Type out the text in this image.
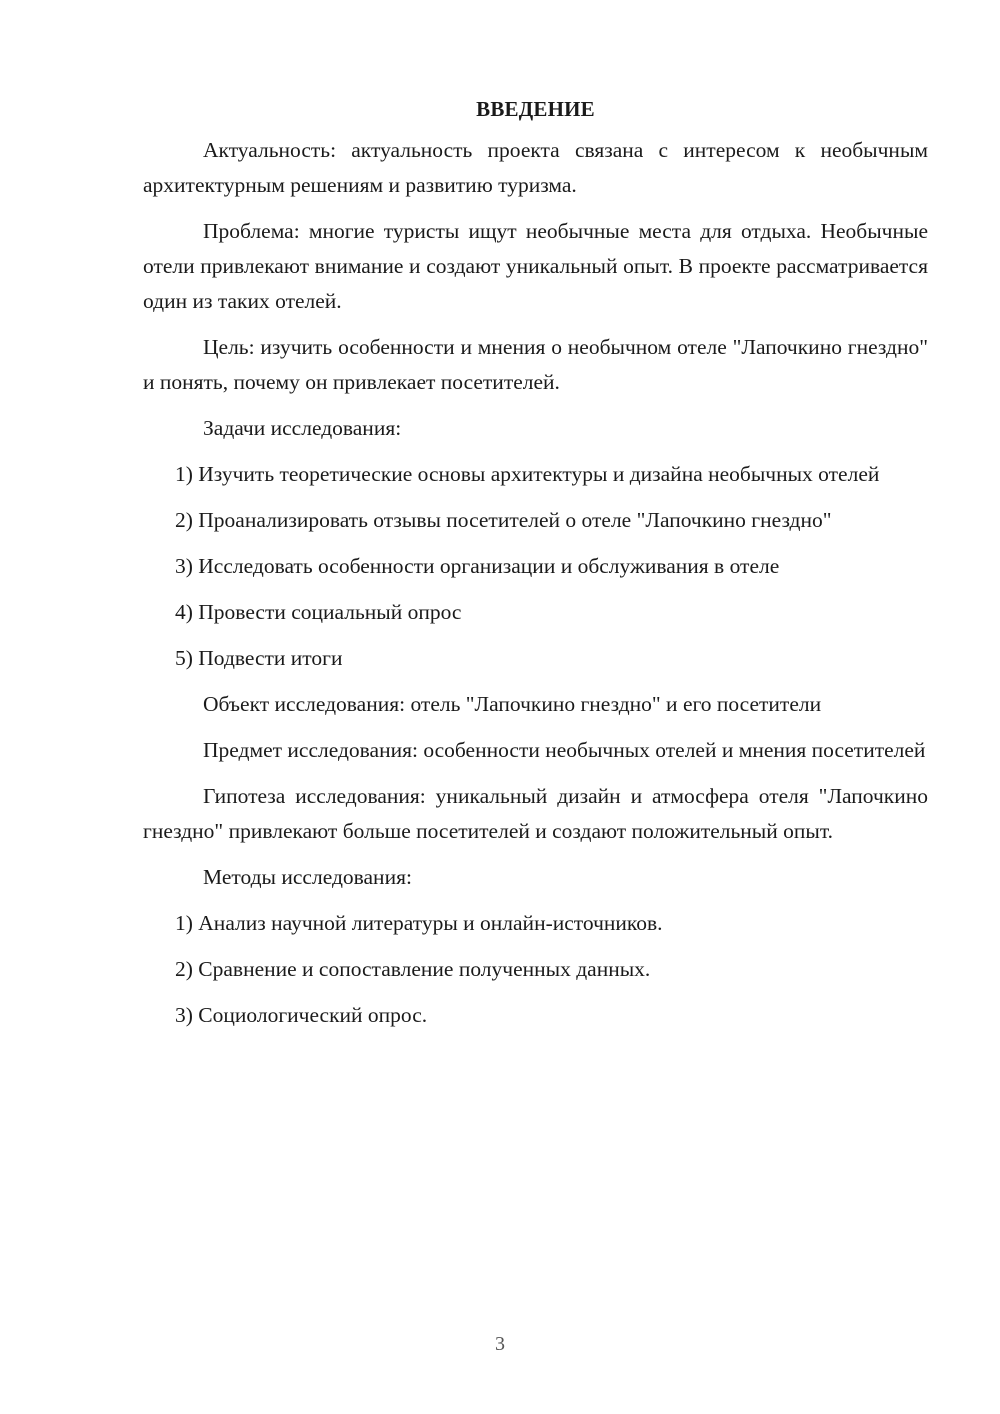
ВВЕДЕНИЕ

Актуальность: актуальность проекта связана с интересом к необычным архитектурным решениям и развитию туризма.

Проблема: многие туристы ищут необычные места для отдыха. Необычные отели привлекают внимание и создают уникальный опыт. В проекте рассматривается один из таких отелей.

Цель: изучить особенности и мнения о необычном отеле "Лапочкино гнездно" и понять, почему он привлекает посетителей.

Задачи исследования:

1) Изучить теоретические основы архитектуры и дизайна необычных отелей

2) Проанализировать отзывы посетителей о отеле "Лапочкино гнездно"

3) Исследовать особенности организации и обслуживания в отеле

4) Провести социальный опрос

5) Подвести итоги

Объект исследования: отель "Лапочкино гнездно" и его посетители

Предмет исследования: особенности необычных отелей и мнения посетителей

Гипотеза исследования: уникальный дизайн и атмосфера отеля "Лапочкино гнездно" привлекают больше посетителей и создают положительный опыт.

Методы исследования:

1) Анализ научной литературы и онлайн-источников.

2) Сравнение и сопоставление полученных данных.

3) Социологический опрос.

3
